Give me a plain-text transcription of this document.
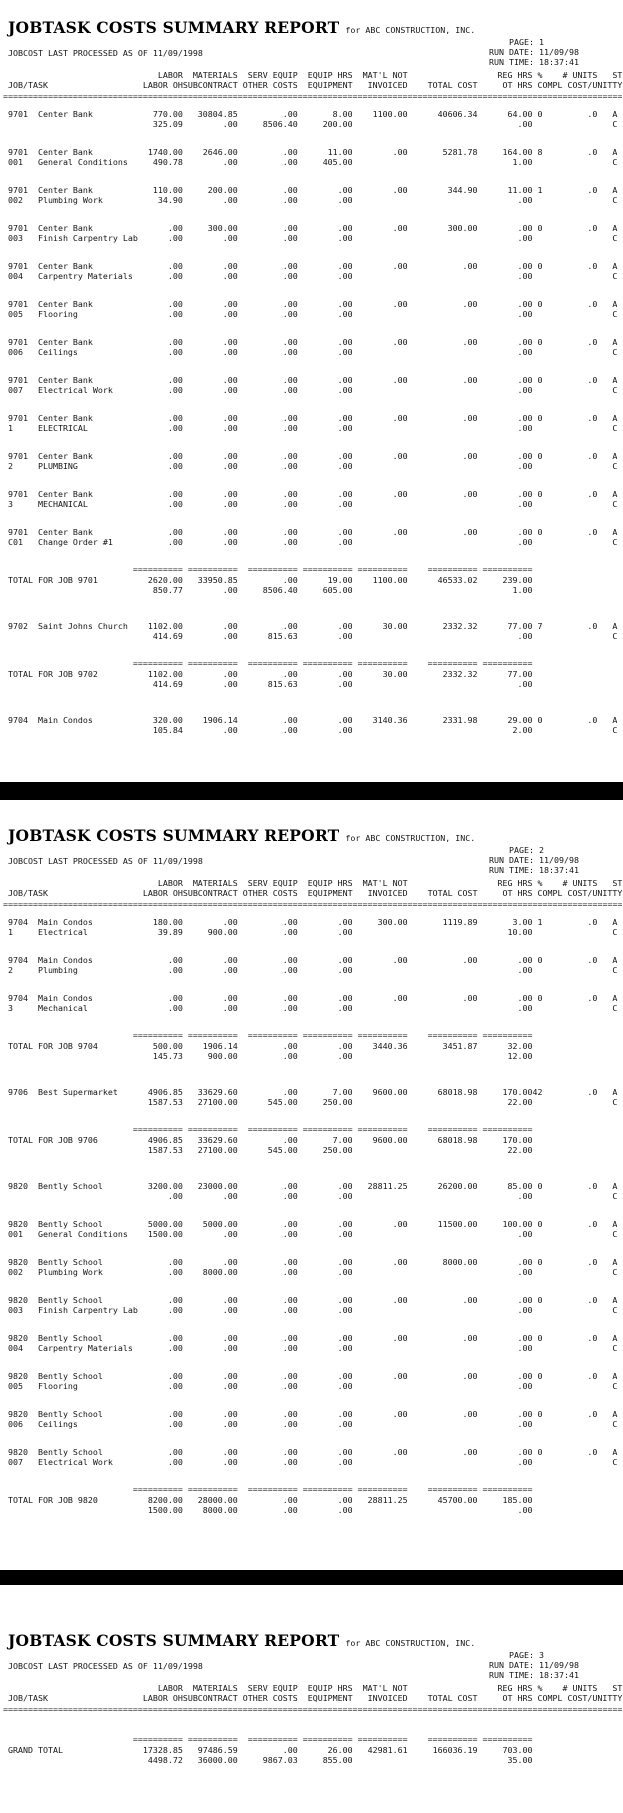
JOBTASK COSTS SUMMARY REPORT for ABC CONSTRUCTION, INC.
PAGE: 1
RUN DATE: 11/09/98
RUN TIME: 18:37:41
JOBCOST LAST PROCESSED AS OF 11/09/1998
LABOR  MATERIALS  SERV EQUIP  EQUIP HRS  MAT'L NOT                  REG HRS %    # UNITS   ST
JOB/TASK                   LABOR OHSUBCONTRACT OTHER COSTS  EQUIPMENT   INVOICED    TOTAL COST     OT HRS COMPL COST/UNITTY
============================================================================================================================
9701  Center Bank            770.00   30804.85         .00       8.00    1100.00      40606.34      64.00 0         .0   A
325.09        .00     8506.40     200.00                                 .00                C
9701  Center Bank           1740.00    2646.00         .00      11.00        .00       5281.78     164.00 8         .0   A
001   General Conditions     490.78        .00         .00     405.00                                1.00                C
9701  Center Bank            110.00     200.00         .00        .00        .00        344.90      11.00 1         .0   A
002   Plumbing Work           34.90        .00         .00        .00                                 .00                C
9701  Center Bank               .00     300.00         .00        .00        .00        300.00        .00 0         .0   A
003   Finish Carpentry Lab      .00        .00         .00        .00                                 .00                C
9701  Center Bank               .00        .00         .00        .00        .00           .00        .00 0         .0   A
004   Carpentry Materials       .00        .00         .00        .00                                 .00                C
9701  Center Bank               .00        .00         .00        .00        .00           .00        .00 0         .0   A
005   Flooring                  .00        .00         .00        .00                                 .00                C
9701  Center Bank               .00        .00         .00        .00        .00           .00        .00 0         .0   A
006   Ceilings                  .00        .00         .00        .00                                 .00                C
9701  Center Bank               .00        .00         .00        .00        .00           .00        .00 0         .0   A
007   Electrical Work           .00        .00         .00        .00                                 .00                C
9701  Center Bank               .00        .00         .00        .00        .00           .00        .00 0         .0   A
1     ELECTRICAL                .00        .00         .00        .00                                 .00                C
9701  Center Bank               .00        .00         .00        .00        .00           .00        .00 0         .0   A
2     PLUMBING                  .00        .00         .00        .00                                 .00                C
9701  Center Bank               .00        .00         .00        .00        .00           .00        .00 0         .0   A
3     MECHANICAL                .00        .00         .00        .00                                 .00                C
9701  Center Bank               .00        .00         .00        .00        .00           .00        .00 0         .0   A
C01   Change Order #1           .00        .00         .00        .00                                 .00                C
========== ==========  ========== ========== ==========    ========== ==========
TOTAL FOR JOB 9701          2620.00   33950.85         .00      19.00    1100.00      46533.02     239.00
850.77        .00     8506.40     605.00                                1.00
9702  Saint Johns Church    1102.00        .00         .00        .00      30.00       2332.32      77.00 7         .0   A
414.69        .00      815.63        .00                                 .00                C
========== ==========  ========== ========== ==========    ========== ==========
TOTAL FOR JOB 9702          1102.00        .00         .00        .00      30.00       2332.32      77.00
414.69        .00      815.63        .00                                 .00
9704  Main Condos            320.00    1906.14         .00        .00    3140.36       2331.98      29.00 0         .0   A
105.84        .00         .00        .00                                2.00                C
JOBTASK COSTS SUMMARY REPORT for ABC CONSTRUCTION, INC.
PAGE: 2
RUN DATE: 11/09/98
RUN TIME: 18:37:41
JOBCOST LAST PROCESSED AS OF 11/09/1998
LABOR  MATERIALS  SERV EQUIP  EQUIP HRS  MAT'L NOT                  REG HRS %    # UNITS   ST
JOB/TASK                   LABOR OHSUBCONTRACT OTHER COSTS  EQUIPMENT   INVOICED    TOTAL COST     OT HRS COMPL COST/UNITTY
============================================================================================================================
9704  Main Condos            180.00        .00         .00        .00     300.00       1119.89       3.00 1         .0   A
1     Electrical              39.89     900.00         .00        .00                               10.00                C
9704  Main Condos               .00        .00         .00        .00        .00           .00        .00 0         .0   A
2     Plumbing                  .00        .00         .00        .00                                 .00                C
9704  Main Condos               .00        .00         .00        .00        .00           .00        .00 0         .0   A
3     Mechanical                .00        .00         .00        .00                                 .00                C
========== ==========  ========== ========== ==========    ========== ==========
TOTAL FOR JOB 9704           500.00    1906.14         .00        .00    3440.36       3451.87      32.00
145.73     900.00         .00        .00                               12.00
9706  Best Supermarket      4906.85   33629.60         .00       7.00    9600.00      68018.98     170.0042         .0   A
1587.53   27100.00      545.00     250.00                               22.00                C
========== ==========  ========== ========== ==========    ========== ==========
TOTAL FOR JOB 9706          4906.85   33629.60         .00       7.00    9600.00      68018.98     170.00
1587.53   27100.00      545.00     250.00                               22.00
9820  Bently School         3200.00   23000.00         .00        .00   28811.25      26200.00      85.00 0         .0   A
.00        .00         .00        .00                                 .00                C
9820  Bently School         5000.00    5000.00         .00        .00        .00      11500.00     100.00 0         .0   A
001   General Conditions    1500.00        .00         .00        .00                                 .00                C
9820  Bently School             .00        .00         .00        .00        .00       8000.00        .00 0         .0   A
002   Plumbing Work             .00    8000.00         .00        .00                                 .00                C
9820  Bently School             .00        .00         .00        .00        .00           .00        .00 0         .0   A
003   Finish Carpentry Lab      .00        .00         .00        .00                                 .00                C
9820  Bently School             .00        .00         .00        .00        .00           .00        .00 0         .0   A
004   Carpentry Materials       .00        .00         .00        .00                                 .00                C
9820  Bently School             .00        .00         .00        .00        .00           .00        .00 0         .0   A
005   Flooring                  .00        .00         .00        .00                                 .00                C
9820  Bently School             .00        .00         .00        .00        .00           .00        .00 0         .0   A
006   Ceilings                  .00        .00         .00        .00                                 .00                C
9820  Bently School             .00        .00         .00        .00        .00           .00        .00 0         .0   A
007   Electrical Work           .00        .00         .00        .00                                 .00                C
========== ==========  ========== ========== ==========    ========== ==========
TOTAL FOR JOB 9820          8200.00   28000.00         .00        .00   28811.25      45700.00     185.00
1500.00    8000.00         .00        .00                                 .00
JOBTASK COSTS SUMMARY REPORT for ABC CONSTRUCTION, INC.
PAGE: 3
RUN DATE: 11/09/98
RUN TIME: 18:37:41
JOBCOST LAST PROCESSED AS OF 11/09/1998
LABOR  MATERIALS  SERV EQUIP  EQUIP HRS  MAT'L NOT                  REG HRS %    # UNITS   ST
JOB/TASK                   LABOR OHSUBCONTRACT OTHER COSTS  EQUIPMENT   INVOICED    TOTAL COST     OT HRS COMPL COST/UNITTY
============================================================================================================================
========== ==========  ========== ========== ==========    ========== ==========
GRAND TOTAL                17328.85   97486.59         .00      26.00   42981.61     166036.19     703.00
4498.72   36000.00     9867.03     855.00                               35.00
